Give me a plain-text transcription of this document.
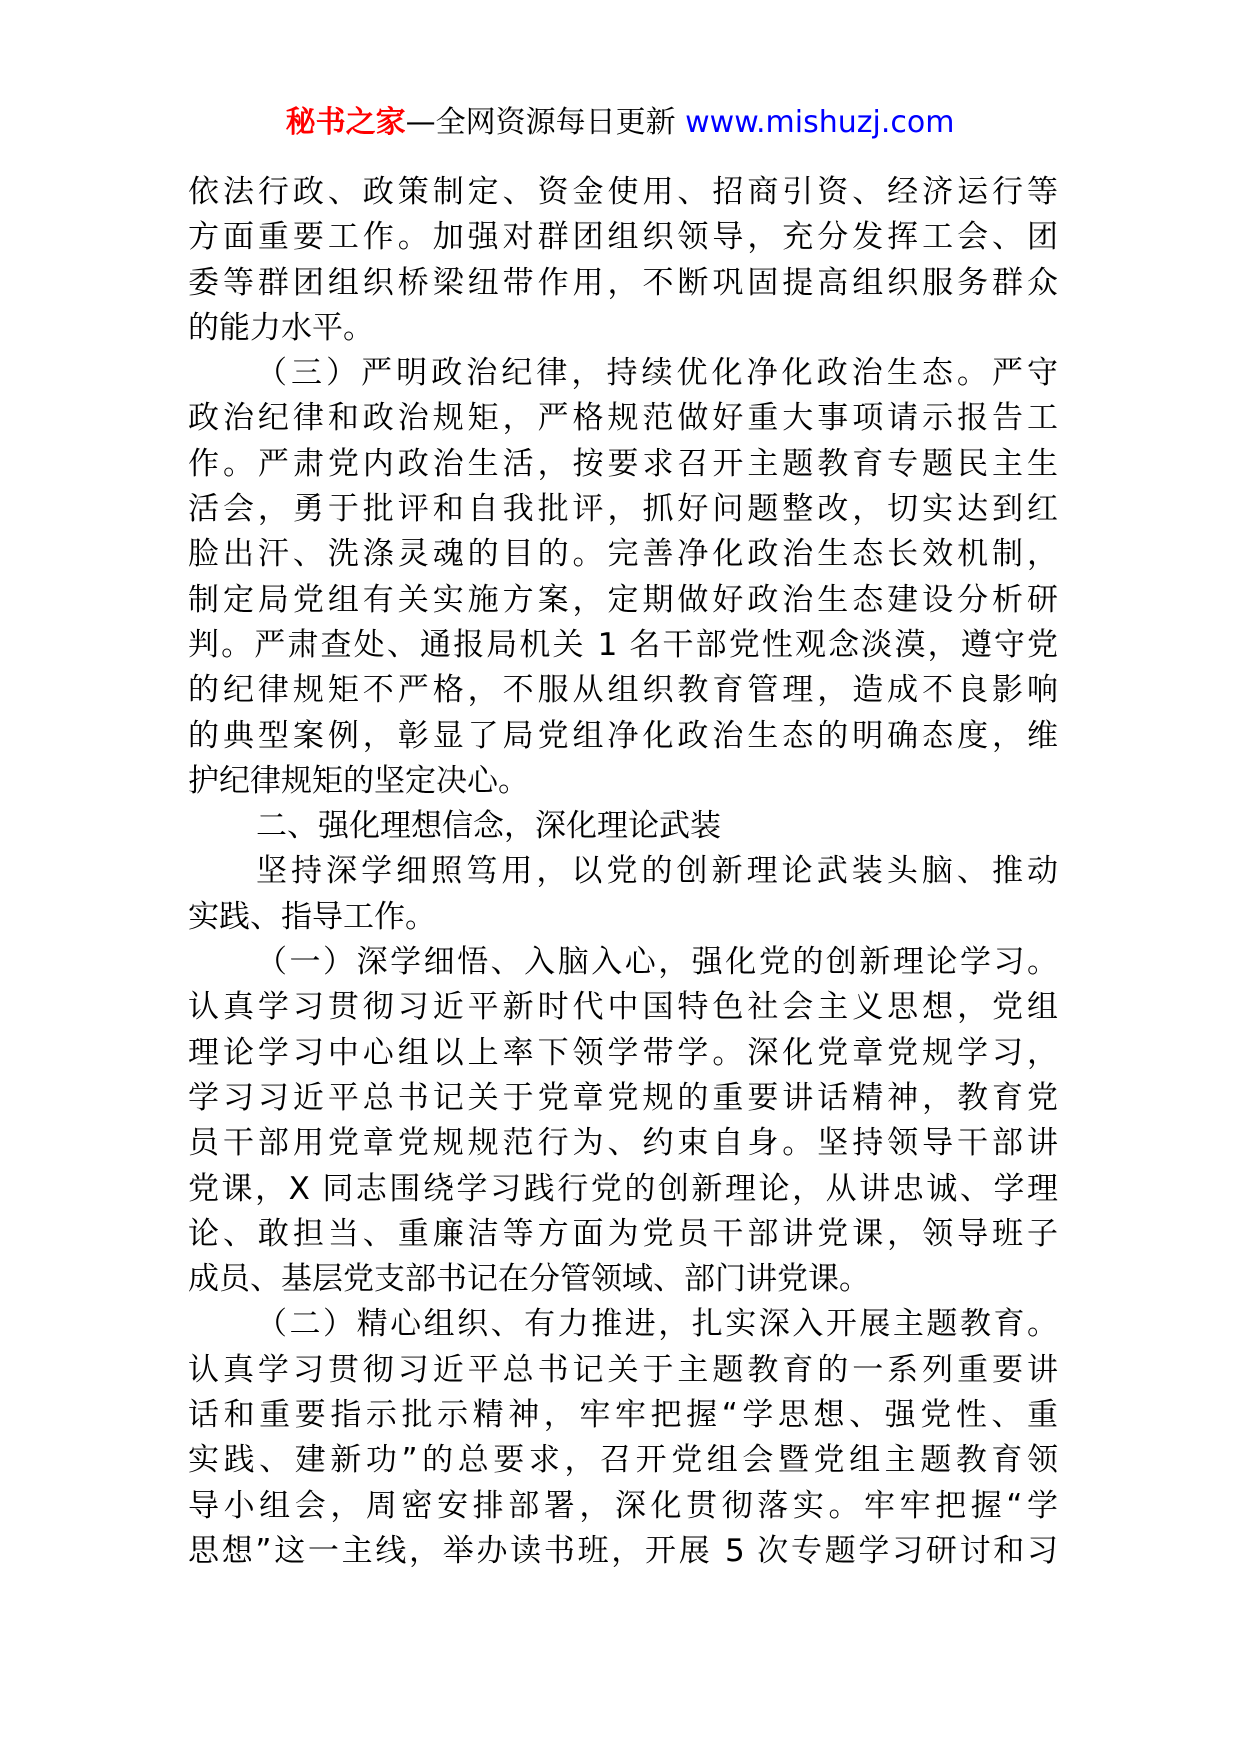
秘书之家—全网资源每日更新 www.mishuzj.com
依法行政、政策制定、资金使用、招商引资、经济运行等
方面重要工作。加强对群团组织领导，充分发挥工会、团
委等群团组织桥梁纽带作用，不断巩固提高组织服务群众
的能力水平。
（三）严明政治纪律，持续优化净化政治生态。严守
政治纪律和政治规矩，严格规范做好重大事项请示报告工
作。严肃党内政治生活，按要求召开主题教育专题民主生
活会，勇于批评和自我批评，抓好问题整改，切实达到红
脸出汗、洗涤灵魂的目的。完善净化政治生态长效机制，
制定局党组有关实施方案，定期做好政治生态建设分析研
判。严肃查处、通报局机关 1 名干部党性观念淡漠，遵守党
的纪律规矩不严格，不服从组织教育管理，造成不良影响
的典型案例，彰显了局党组净化政治生态的明确态度，维
护纪律规矩的坚定决心。
二、强化理想信念，深化理论武装
坚持深学细照笃用，以党的创新理论武装头脑、推动
实践、指导工作。
（一）深学细悟、入脑入心，强化党的创新理论学习。
认真学习贯彻习近平新时代中国特色社会主义思想，党组
理论学习中心组以上率下领学带学。深化党章党规学习，
学习习近平总书记关于党章党规的重要讲话精神，教育党
员干部用党章党规规范行为、约束自身。坚持领导干部讲
党课，X 同志围绕学习践行党的创新理论，从讲忠诚、学理
论、敢担当、重廉洁等方面为党员干部讲党课，领导班子
成员、基层党支部书记在分管领域、部门讲党课。
（二）精心组织、有力推进，扎实深入开展主题教育。
认真学习贯彻习近平总书记关于主题教育的一系列重要讲
话和重要指示批示精神，牢牢把握“学思想、强党性、重
实践、建新功”的总要求，召开党组会暨党组主题教育领
导小组会，周密安排部署，深化贯彻落实。牢牢把握“学
思想”这一主线，举办读书班，开展 5 次专题学习研讨和习
